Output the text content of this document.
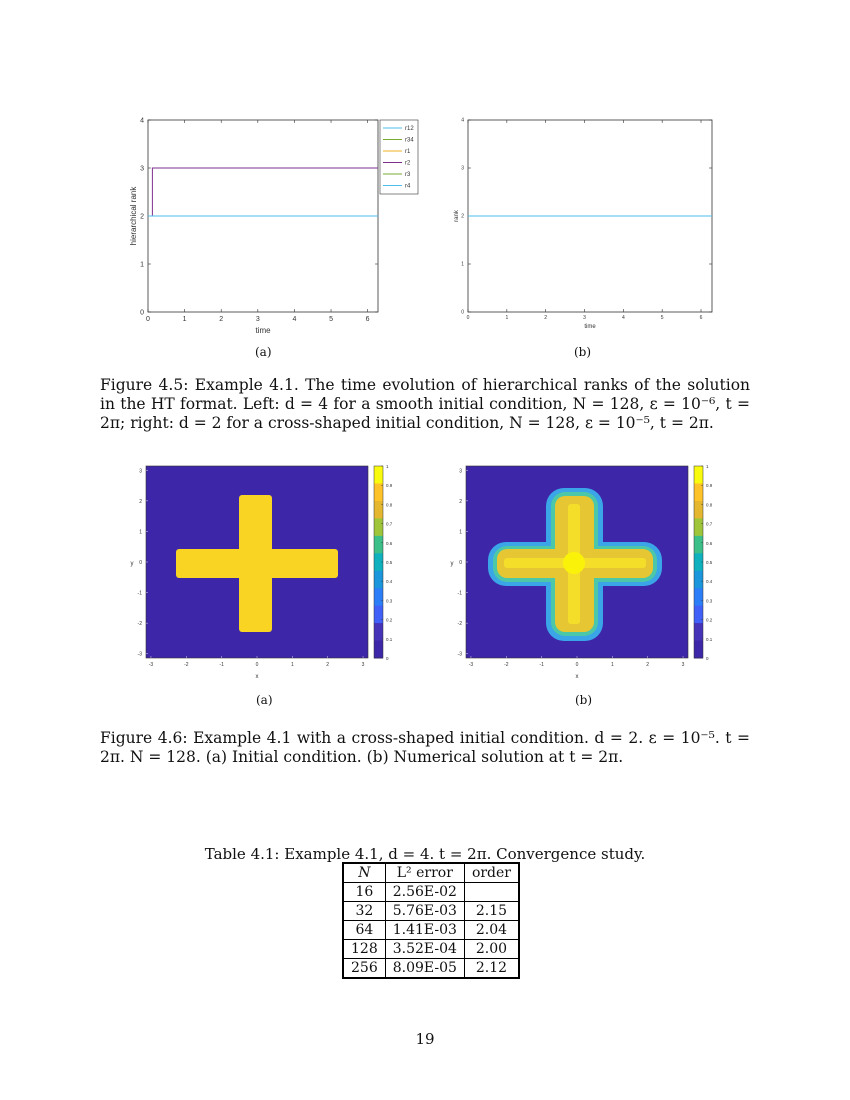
hierarchical rank
time
0	1	2	3	4	5	6
0
1
2
3
4
r12
r34
r1
r2
r3
r4
(a)
rank
time
0	1	2	3	4	5	6
0
1
2
3
4
(b)
Figure 4.5: Example 4.1. The time evolution of hierarchical ranks of the solution in the HT format. Left: d = 4 for a smooth initial condition, N = 128, ε = 10⁻⁶, t = 2π; right: d = 2 for a cross-shaped initial condition, N = 128, ε = 10⁻⁵, t = 2π.
-3	-2	-1	0	1	2	3
3
2
1
0
-1
-2
-3
x
y
1
0.9
0.8
0.7
0.6
0.5
0.4
0.3
0.2
0.1
0
(a)
-3	-2	-1	0	1	2	3
3
2
1
0
-1
-2
-3
x
y
1
0.9
0.8
0.7
0.6
0.5
0.4
0.3
0.2
0.1
0
(b)
Figure 4.6: Example 4.1 with a cross-shaped initial condition. d = 2. ε = 10⁻⁵. t = 2π. N = 128. (a) Initial condition. (b) Numerical solution at t = 2π.
Table 4.1: Example 4.1, d = 4. t = 2π. Convergence study.
N	L² error	order
16	2.56E-02	
32	5.76E-03	2.15
64	1.41E-03	2.04
128	3.52E-04	2.00
256	8.09E-05	2.12
19
